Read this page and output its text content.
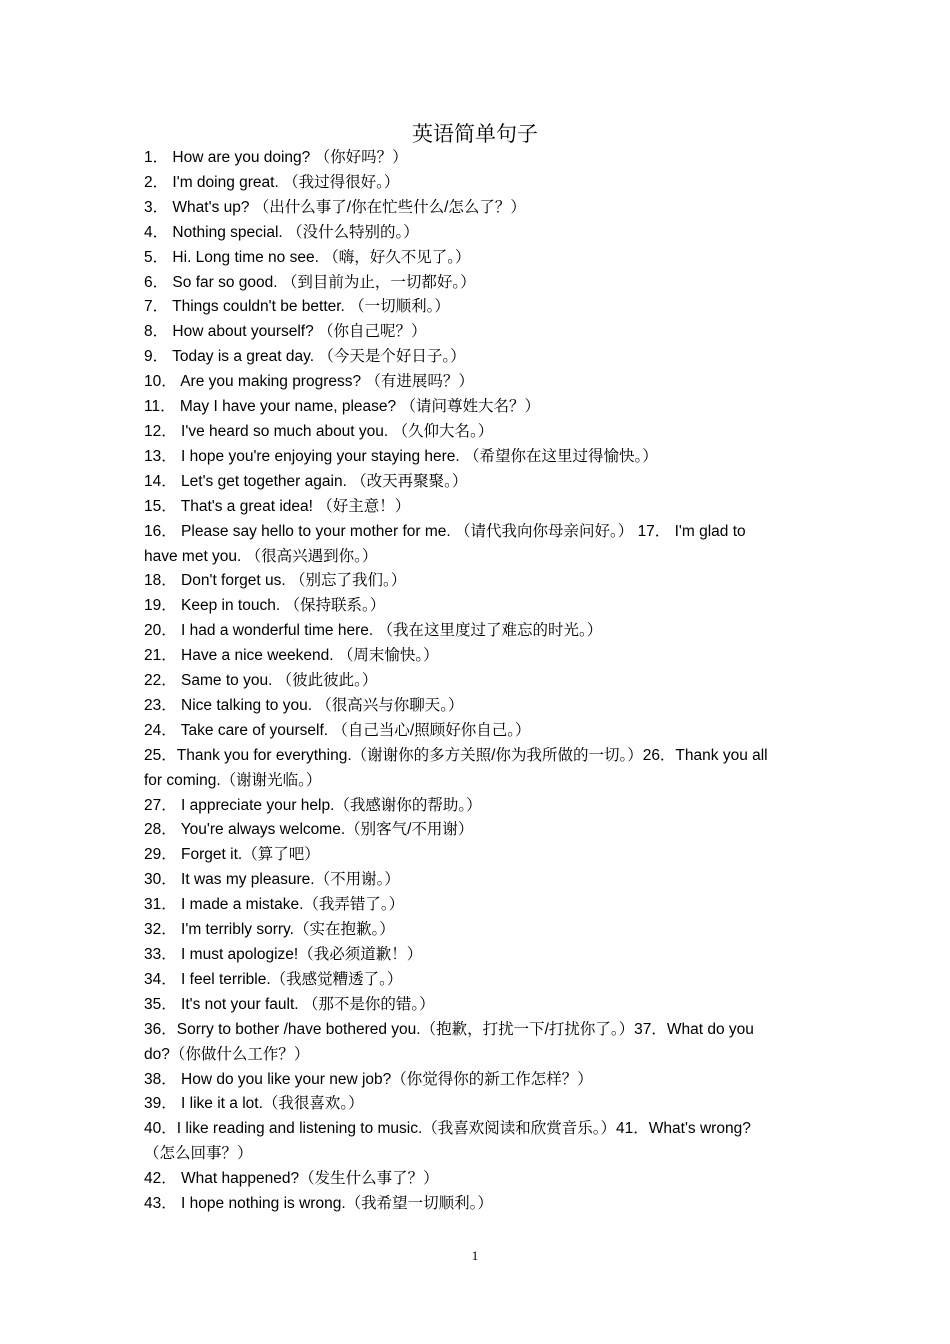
英语简单句子
1． How are you doing? （你好吗？）
2． I'm doing great. （我过得很好。）
3． What's up? （出什么事了/你在忙些什么/怎么了？）
4． Nothing special. （没什么特别的。）
5． Hi. Long time no see. （嗨，好久不见了。）
6． So far so good. （到目前为止，一切都好。）
7． Things couldn't be better. （一切顺利。）
8． How about yourself? （你自己呢？）
9． Today is a great day. （今天是个好日子。）
10． Are you making progress? （有进展吗？）
11． May I have your name, please? （请问尊姓大名？）
12． I've heard so much about you. （久仰大名。）
13． I hope you're enjoying your staying here. （希望你在这里过得愉快。）
14． Let's get together again. （改天再聚聚。）
15． That's a great idea! （好主意！）
16． Please say hello to your mother for me. （请代我向你母亲问好。） 17． I'm glad to
have met you. （很高兴遇到你。）
18． Don't forget us. （别忘了我们。）
19． Keep in touch. （保持联系。）
20． I had a wonderful time here. （我在这里度过了难忘的时光。）
21． Have a nice weekend. （周末愉快。）
22． Same to you. （彼此彼此。）
23． Nice talking to you. （很高兴与你聊天。）
24． Take care of yourself. （自己当心/照顾好你自己。）
25．Thank you for everything.（谢谢你的多方关照/你为我所做的一切。）26．Thank you all
for coming.（谢谢光临。）
27． I appreciate your help.（我感谢你的帮助。）
28． You're always welcome.（别客气/不用谢）
29． Forget it.（算了吧）
30． It was my pleasure.（不用谢。）
31． I made a mistake.（我弄错了。）
32． I'm terribly sorry.（实在抱歉。）
33． I must apologize!（我必须道歉！）
34． I feel terrible.（我感觉糟透了。）
35． It's not your fault. （那不是你的错。）
36．Sorry to bother /have bothered you.（抱歉，打扰一下/打扰你了。）37．What do you
do?（你做什么工作？）
38． How do you like your new job?（你觉得你的新工作怎样？）
39． I like it a lot.（我很喜欢。）
40．I like reading and listening to music.（我喜欢阅读和欣赏音乐。）41．What's wrong?
（怎么回事？）
42． What happened?（发生什么事了？）
43． I hope nothing is wrong.（我希望一切顺利。）
1
